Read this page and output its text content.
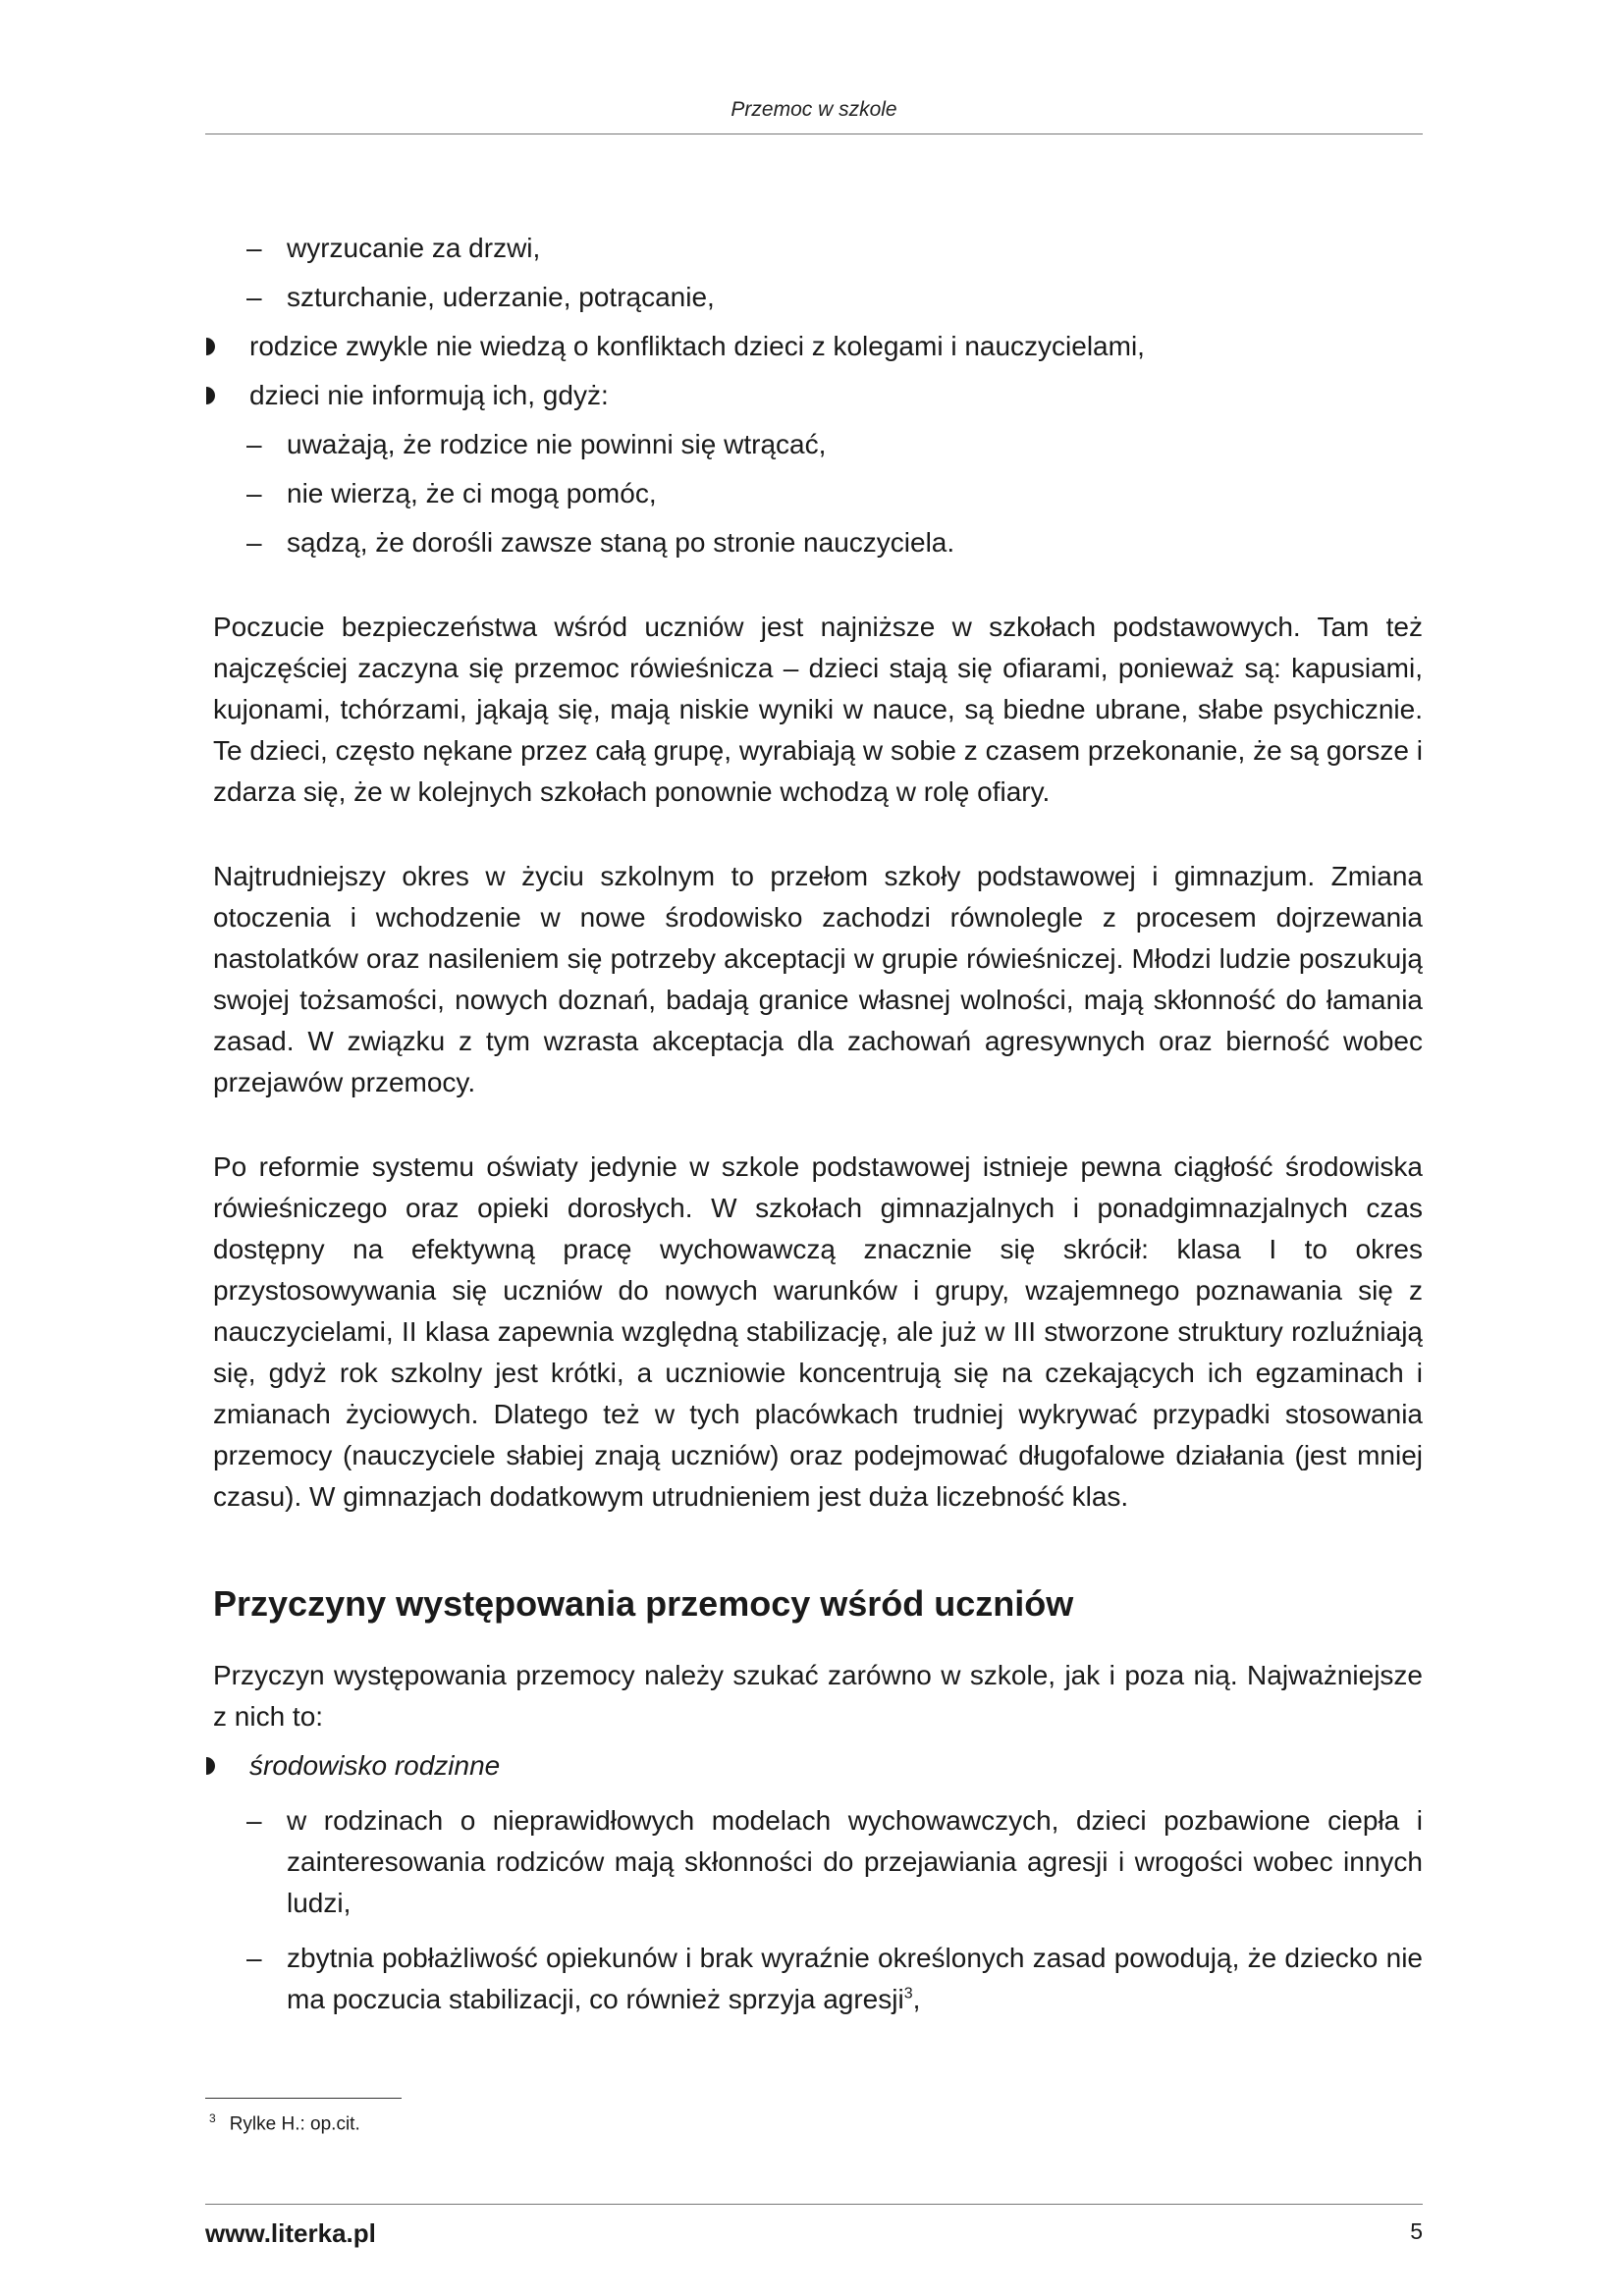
Przemoc w szkole
– wyrzucanie za drzwi,
– szturchanie, uderzanie, potrącanie,
rodzice zwykle nie wiedzą o konfliktach dzieci z kolegami i nauczycielami,
dzieci nie informują ich, gdyż:
– uważają, że rodzice nie powinni się wtrącać,
– nie wierzą, że ci mogą pomóc,
– sądzą, że dorośli zawsze staną po stronie nauczyciela.

Poczucie bezpieczeństwa wśród uczniów jest najniższe w szkołach podstawowych. Tam też najczęściej zaczyna się przemoc rówieśnicza – dzieci stają się ofiarami, ponieważ są: kapusiami, kujonami, tchórzami, jąkają się, mają niskie wyniki w nauce, są biedne ubrane, słabe psychicznie. Te dzieci, często nękane przez całą grupę, wyrabiają w sobie z czasem przekonanie, że są gorsze i zdarza się, że w kolejnych szkołach ponownie wchodzą w rolę ofiary.

Najtrudniejszy okres w życiu szkolnym to przełom szkoły podstawowej i gimnazjum. Zmiana otoczenia i wchodzenie w nowe środowisko zachodzi równolegle z procesem dojrzewania nastolatków oraz nasileniem się potrzeby akceptacji w grupie rówieśniczej. Młodzi ludzie poszukują swojej tożsamości, nowych doznań, badają granice własnej wolności, mają skłonność do łamania zasad. W związku z tym wzrasta akceptacja dla zachowań agresywnych oraz bierność wobec przejawów przemocy.

Po reformie systemu oświaty jedynie w szkole podstawowej istnieje pewna ciągłość środowiska rówieśniczego oraz opieki dorosłych. W szkołach gimnazjalnych i ponadgimnazjalnych czas dostępny na efektywną pracę wychowawczą znacznie się skrócił: klasa I to okres przystosowywania się uczniów do nowych warunków i grupy, wzajemnego poznawania się z nauczycielami, II klasa zapewnia względną stabilizację, ale już w III stworzone struktury rozluźniają się, gdyż rok szkolny jest krótki, a uczniowie koncentrują się na czekających ich egzaminach i zmianach życiowych. Dlatego też w tych placówkach trudniej wykrywać przypadki stosowania przemocy (nauczyciele słabiej znają uczniów) oraz podejmować długofalowe działania (jest mniej czasu). W gimnazjach dodatkowym utrudnieniem jest duża liczebność klas.

Przyczyny występowania przemocy wśród uczniów

Przyczyn występowania przemocy należy szukać zarówno w szkole, jak i poza nią. Najważniejsze z nich to:

środowisko rodzinne
– w rodzinach o nieprawidłowych modelach wychowawczych, dzieci pozbawione ciepła i zainteresowania rodziców mają skłonności do przejawiania agresji i wrogości wobec innych ludzi,

– zbytnia pobłażliwość opiekunów i brak wyraźnie określonych zasad powodują, że dziecko nie ma poczucia stabilizacji, co również sprzyja agresji$^3$,

$^3$ Rylke H.: op.cit.
www.literka.pl	5
